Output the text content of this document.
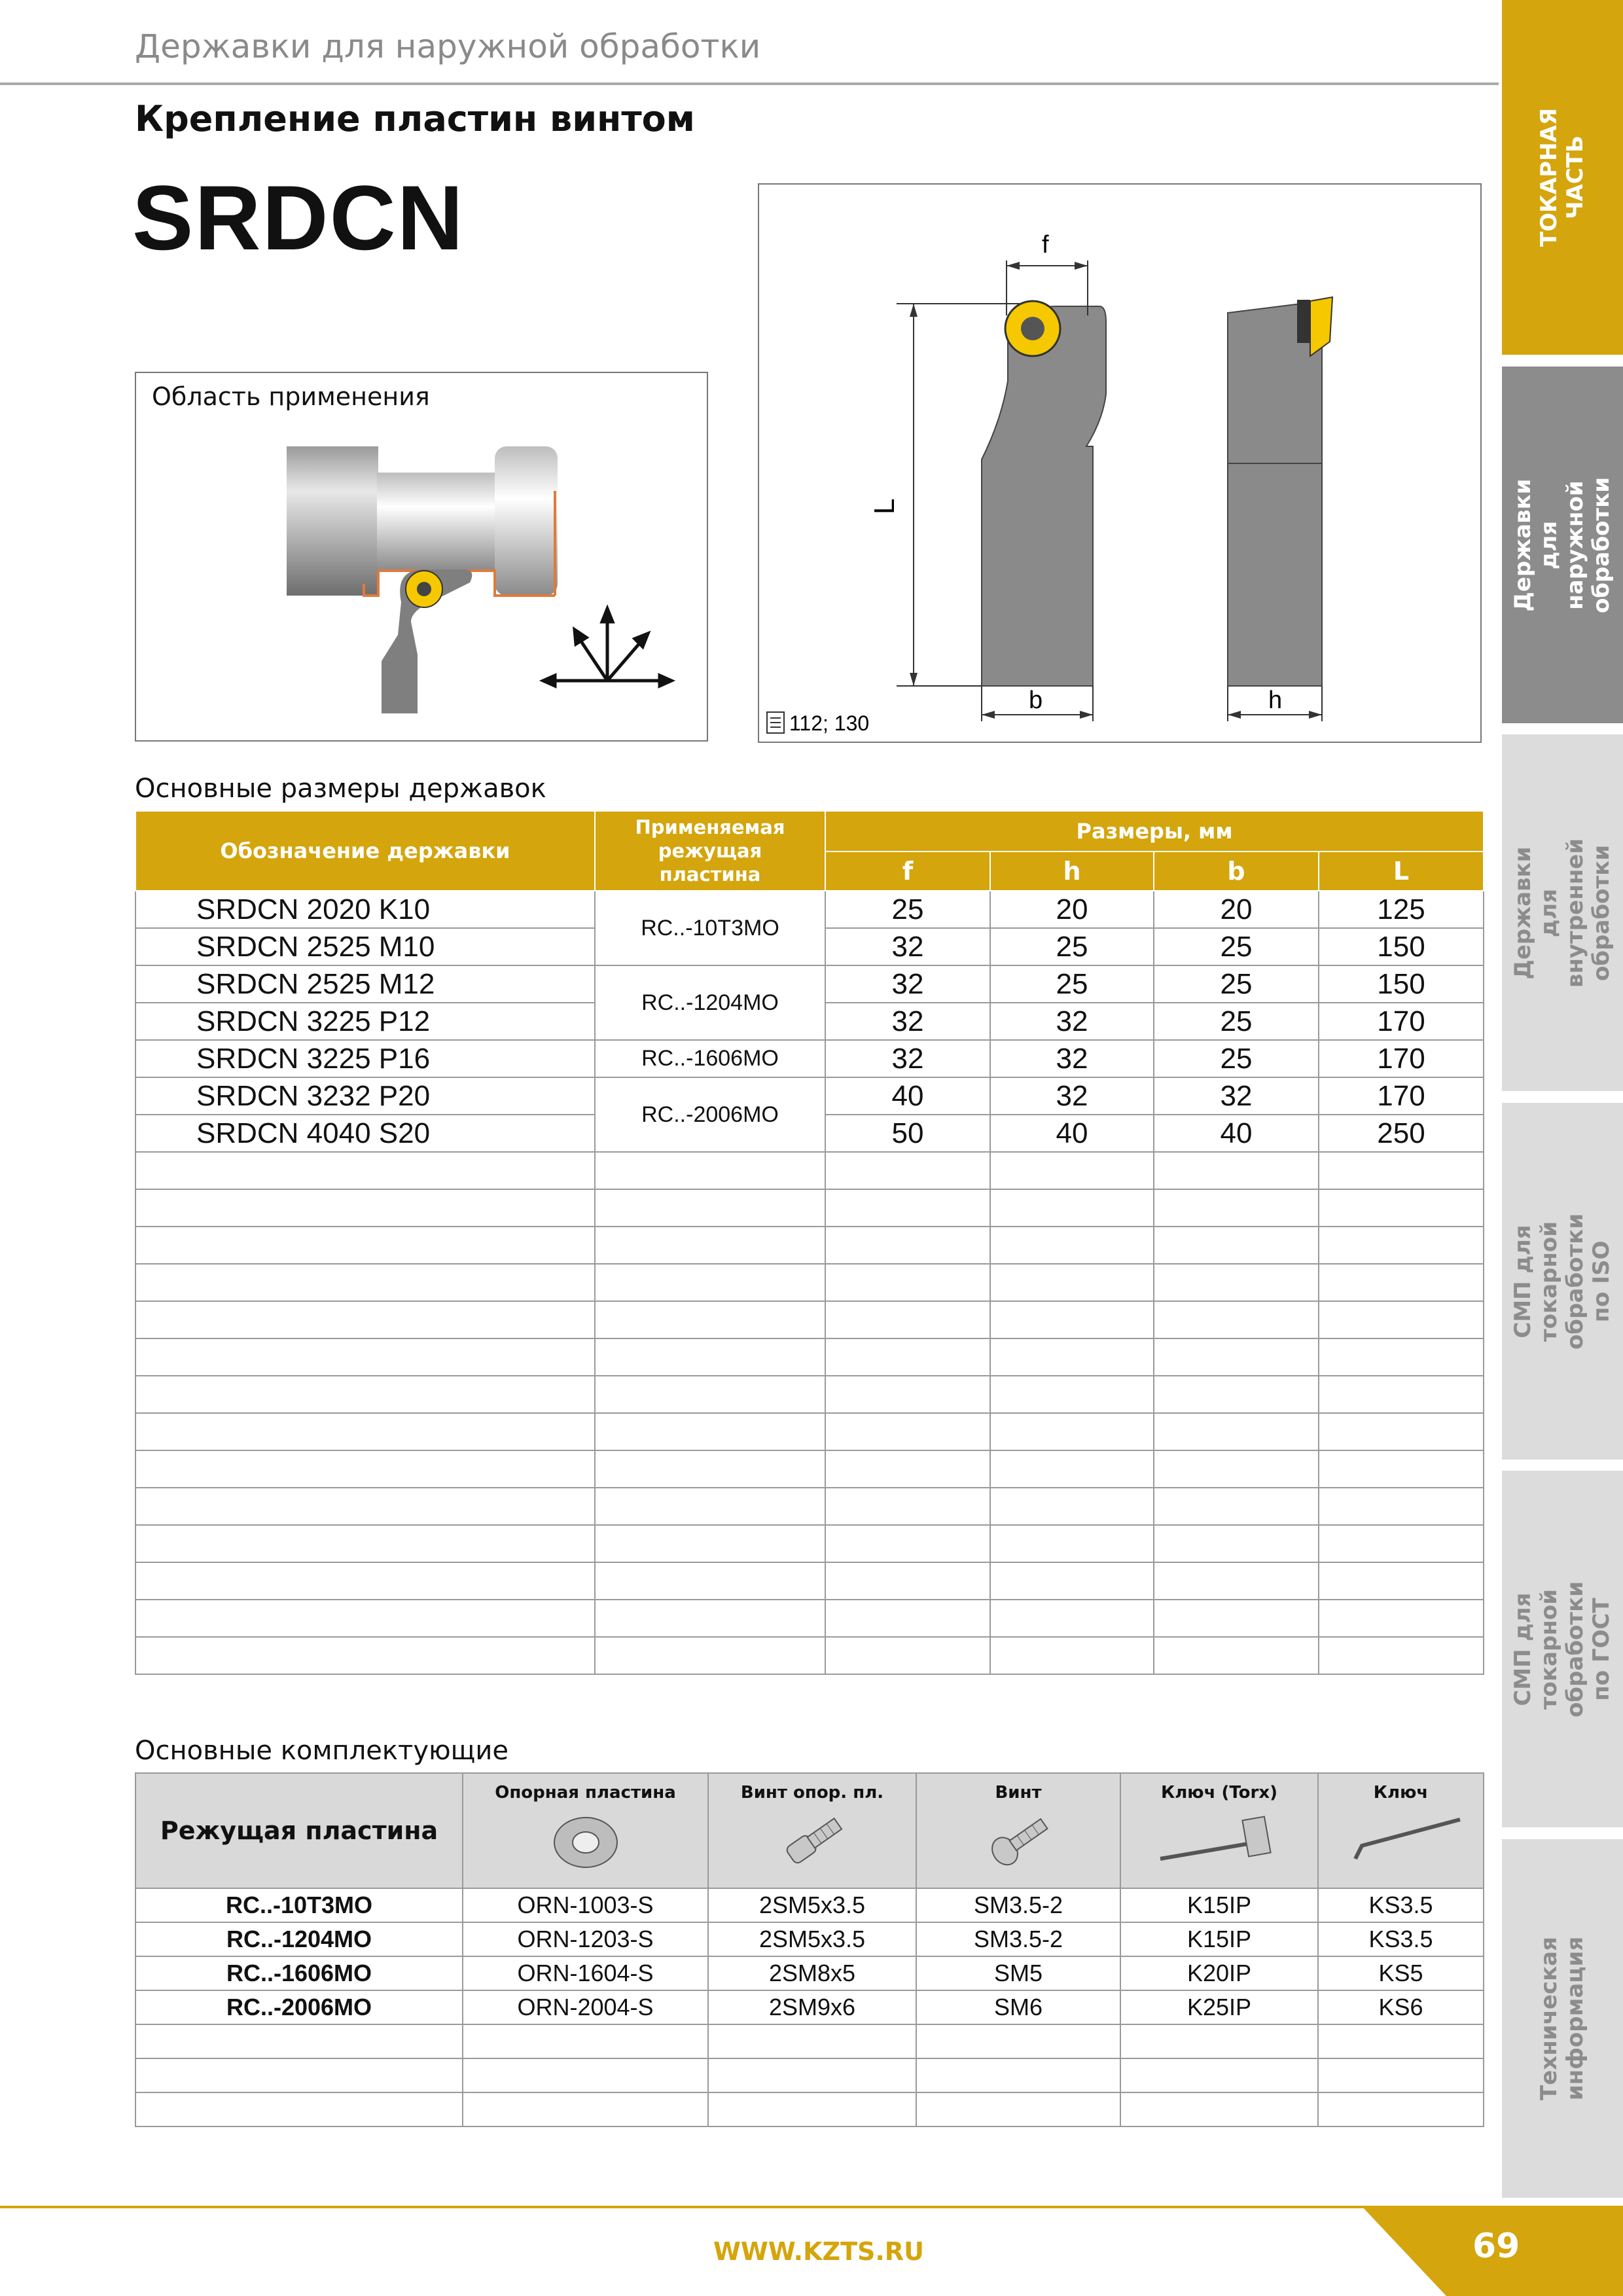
Державки для наружной обработки
Крепление пластин винтом
SRDCN	ТОКАРНАЯ
ЧАСТЬ
Державки для
наружной обработки
Державки для
внутренней обработки
СМП для токарной
обработки по ISO
СМП для токарной
обработки по ГОСТ
Техническая
информация
Область применения
f
L
b	h
112; 130
Основные размеры державок
Обозначение державки	Применяемая режущая пластина	Размеры, мм			
		f	h	b	L
SRDCN 2020 K10	RC..-10T3MO	25	20	20	125
SRDCN 2525 M10		32	25	25	150
SRDCN 2525 M12	RC..-1204MO	32	25	25	150
SRDCN 3225 P12		32	32	25	170
SRDCN 3225 P16	RC..-1606MO	32	32	25	170
SRDCN 3232 P20	RC..-2006MO	40	32	32	170
SRDCN 4040 S20		50	40	40	250

Основные комплектующие
Режущая пластина	Опорная пластина	Винт опор. пл.	Винт	Ключ (Torx)	Ключ

RC..-10T3MO	ORN-1003-S	2SM5x3.5	SM3.5-2	K15IP	KS3.5
RC..-1204MO	ORN-1203-S	2SM5x3.5	SM3.5-2	K15IP	KS3.5
RC..-1606MO	ORN-1604-S	2SM8x5	SM5	K20IP	KS5
RC..-2006MO	ORN-2004-S	2SM9x6	SM6	K25IP	KS6

WWW.KZTS.RU	69
